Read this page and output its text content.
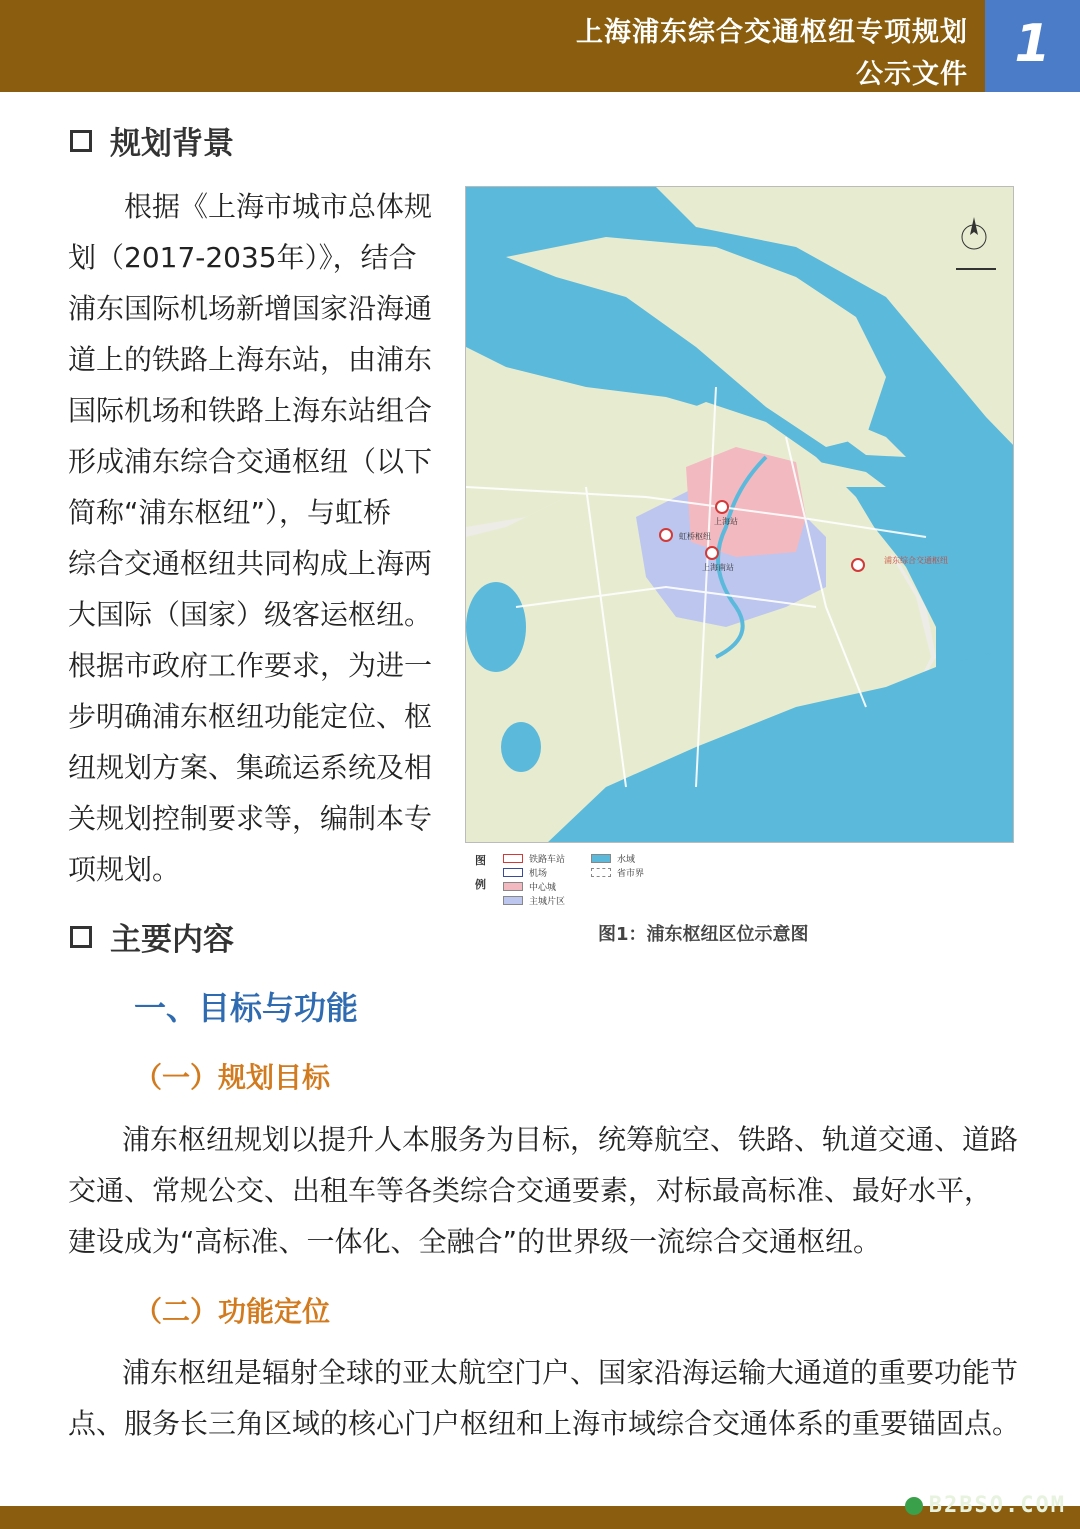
上海浦东综合交通枢纽专项规划
公示文件
1
规划背景
根据《上海市城市总体规
划（2017-2035年）》，结合
浦东国际机场新增国家沿海通
道上的铁路上海东站，由浦东
国际机场和铁路上海东站组合
形成浦东综合交通枢纽（以下
简称“浦东枢纽”），与虹桥
综合交通枢纽共同构成上海两
大国际（国家）级客运枢纽。
根据市政府工作要求，为进一
步明确浦东枢纽功能定位、枢
纽规划方案、集疏运系统及相
关规划控制要求等，编制本专
项规划。
上海站
虹桥枢纽
上海南站
浦东综合交通枢纽
图
例
铁路车站
机场
中心城
主城片区
水域
省市界
图1：浦东枢纽区位示意图
主要内容
一、目标与功能
（一）规划目标
浦东枢纽规划以提升人本服务为目标，统筹航空、铁路、轨道交通、道路
交通、常规公交、出租车等各类综合交通要素，对标最高标准、最好水平，
建设成为“高标准、一体化、全融合”的世界级一流综合交通枢纽。
（二）功能定位
浦东枢纽是辐射全球的亚太航空门户、国家沿海运输大通道的重要功能节
点、服务长三角区域的核心门户枢纽和上海市域综合交通体系的重要锚固点。
B2BSO.COM
